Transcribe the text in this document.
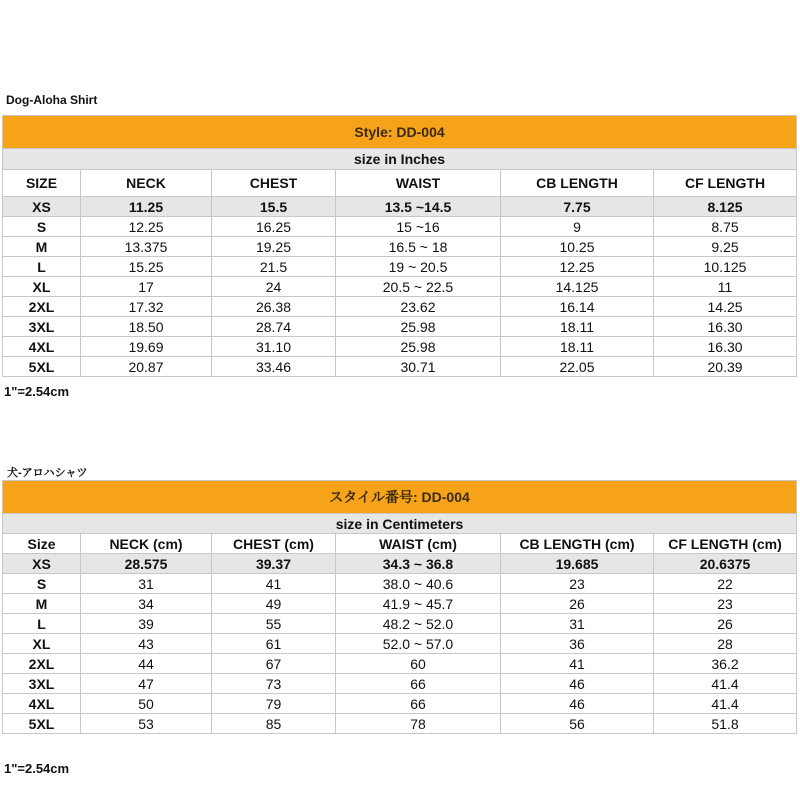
Dog-Aloha Shirt
Style: DD-004					
size in Inches					
SIZE	NECK	CHEST	WAIST	CB LENGTH	CF LENGTH
XS	11.25	15.5	13.5 ~14.5	7.75	8.125
S	12.25	16.25	15 ~16	9	8.75
M	13.375	19.25	16.5 ~ 18	10.25	9.25
L	15.25	21.5	19 ~ 20.5	12.25	10.125
XL	17	24	20.5 ~ 22.5	14.125	11
2XL	17.32	26.38	23.62	16.14	14.25
3XL	18.50	28.74	25.98	18.11	16.30
4XL	19.69	31.10	25.98	18.11	16.30
5XL	20.87	33.46	30.71	22.05	20.39
1"=2.54cm
犬-アロハシャツ
スタイル番号: DD-004					
size in Centimeters					
Size	NECK (cm)	CHEST (cm)	WAIST (cm)	CB LENGTH (cm)	CF LENGTH (cm)
XS	28.575	39.37	34.3 ~ 36.8	19.685	20.6375
S	31	41	38.0 ~ 40.6	23	22
M	34	49	41.9 ~ 45.7	26	23
L	39	55	48.2 ~ 52.0	31	26
XL	43	61	52.0 ~ 57.0	36	28
2XL	44	67	60	41	36.2
3XL	47	73	66	46	41.4
4XL	50	79	66	46	41.4
5XL	53	85	78	56	51.8
1"=2.54cm
